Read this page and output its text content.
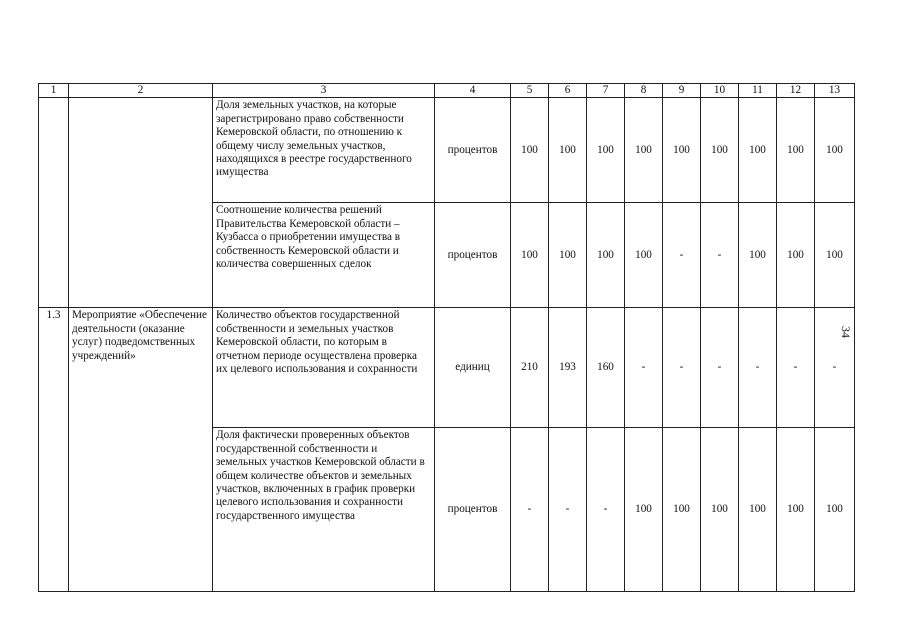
1	2	3	4	5	6	7	8	9	10	11	12	13
		Доля земельных участков, на которые зарегистрировано право собственности Кемеровской области, по отношению к общему числу земельных участков, находящихся в реестре государственного имущества	процентов	100	100	100	100	100	100	100	100	100
		Соотношение количества решений Правительства Кемеровской области – Кузбасса о приобретении имущества в собственность Кемеровской области и количества совершенных сделок	процентов	100	100	100	100	-	-	100	100	100
1.3	Мероприятие «Обеспечение деятельности (оказание услуг) подведомственных учреждений»	Количество объектов государственной собственности и земельных участков Кемеровской области, по которым в отчетном периоде осуществлена проверка их целевого использования и сохранности	единиц	210	193	160	-	-	-	-	-	-
		Доля фактически проверенных объектов государственной собственности и земельных участков Кемеровской области в общем количестве объектов и земельных участков, включенных в график проверки целевого использования и сохранности государственного имущества	процентов	-	-	-	100	100	100	100	100	100
34
